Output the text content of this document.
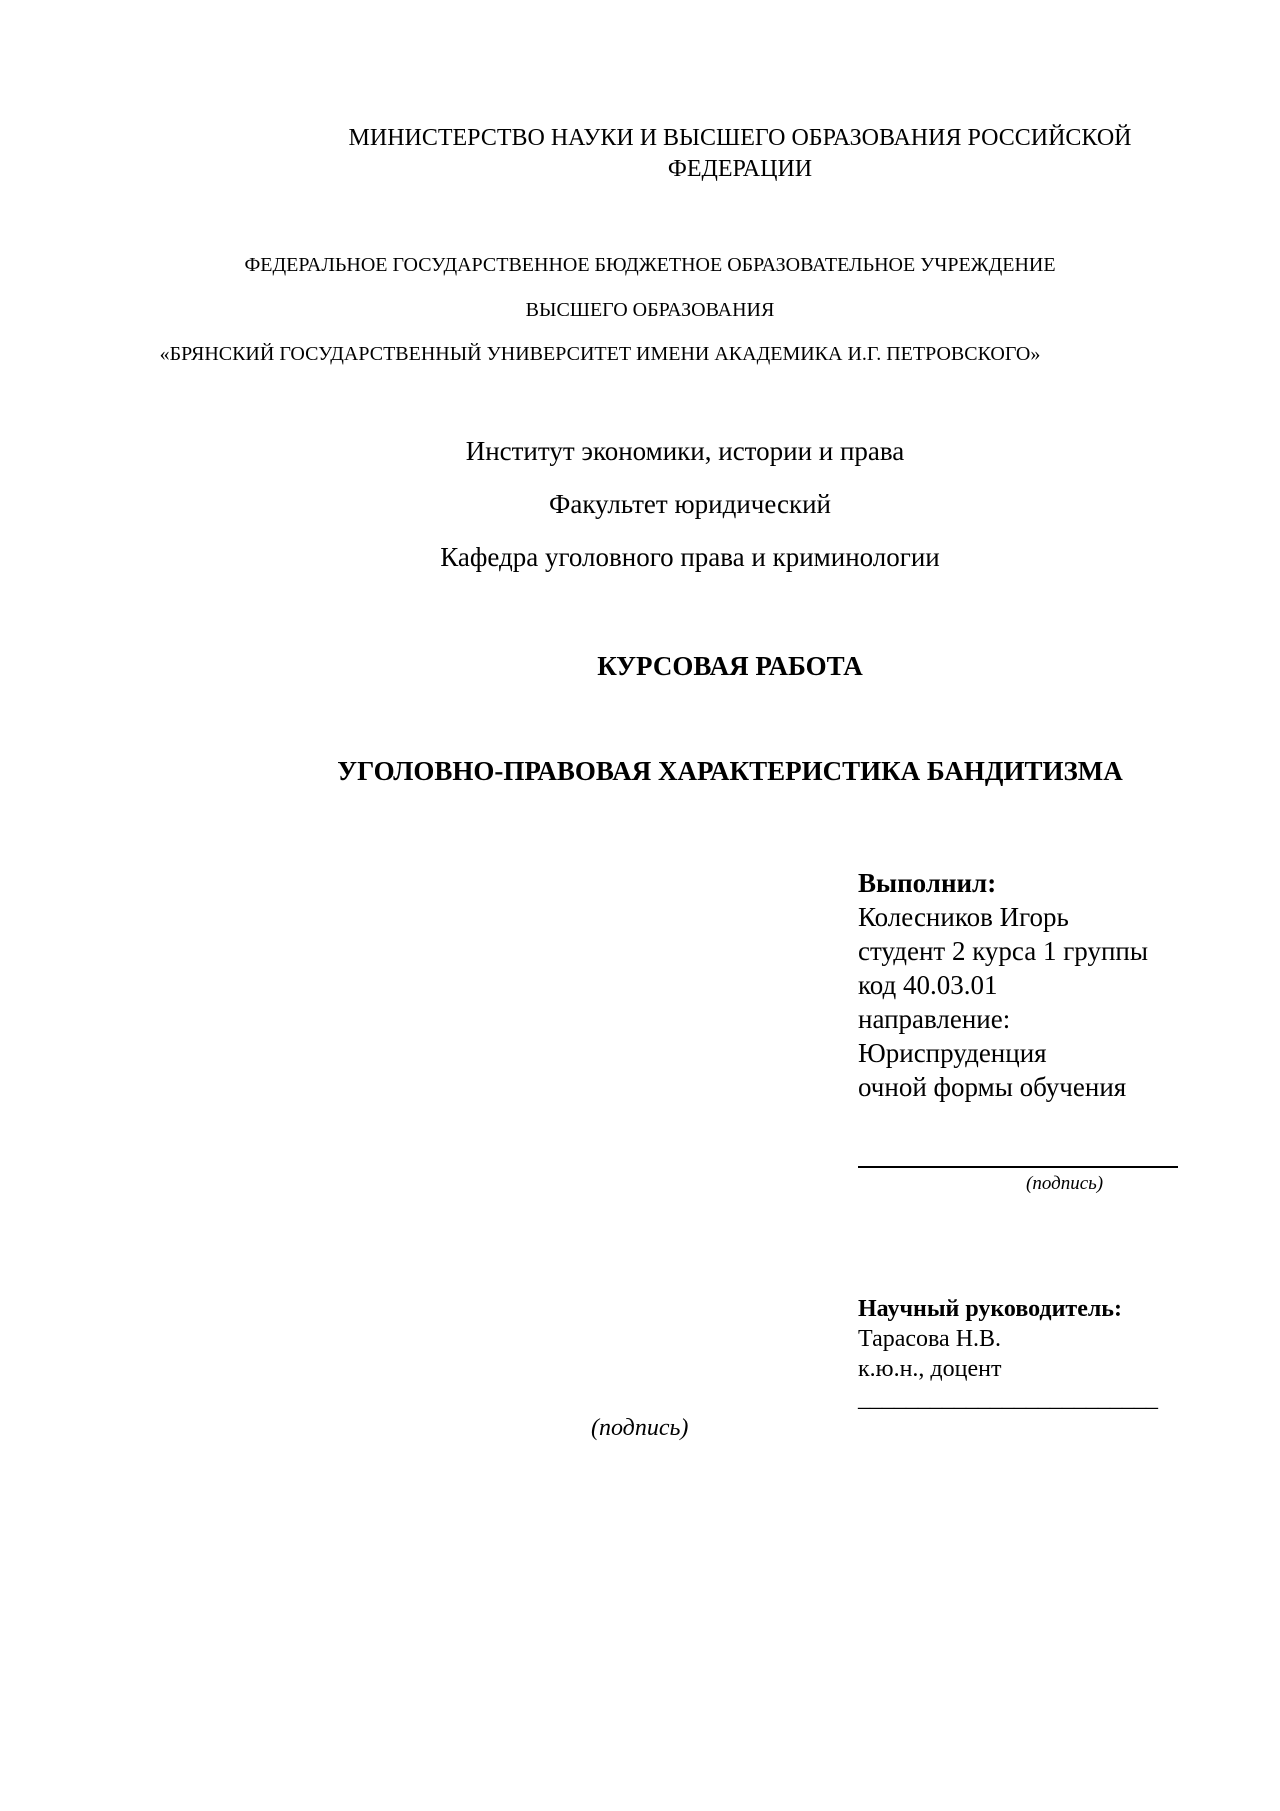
МИНИСТЕРСТВО НАУКИ И ВЫСШЕГО ОБРАЗОВАНИЯ РОССИЙСКОЙ
ФЕДЕРАЦИИ
ФЕДЕРАЛЬНОЕ ГОСУДАРСТВЕННОЕ БЮДЖЕТНОЕ ОБРАЗОВАТЕЛЬНОЕ УЧРЕЖДЕНИЕ
ВЫСШЕГО ОБРАЗОВАНИЯ
«БРЯНСКИЙ ГОСУДАРСТВЕННЫЙ УНИВЕРСИТЕТ ИМЕНИ АКАДЕМИКА И.Г. ПЕТРОВСКОГО»
Институт экономики, истории и права
Факультет юридический
Кафедра уголовного права и криминологии
КУРСОВАЯ РАБОТА
УГОЛОВНО-ПРАВОВАЯ ХАРАКТЕРИСТИКА БАНДИТИЗМА
Выполнил:
Колесников Игорь
студент 2 курса 1 группы
код 40.03.01
направление:
Юриспруденция
очной формы обучения
(подпись)
Научный руководитель:
Тарасова Н.В.
к.ю.н., доцент
_________________________
(подпись)
